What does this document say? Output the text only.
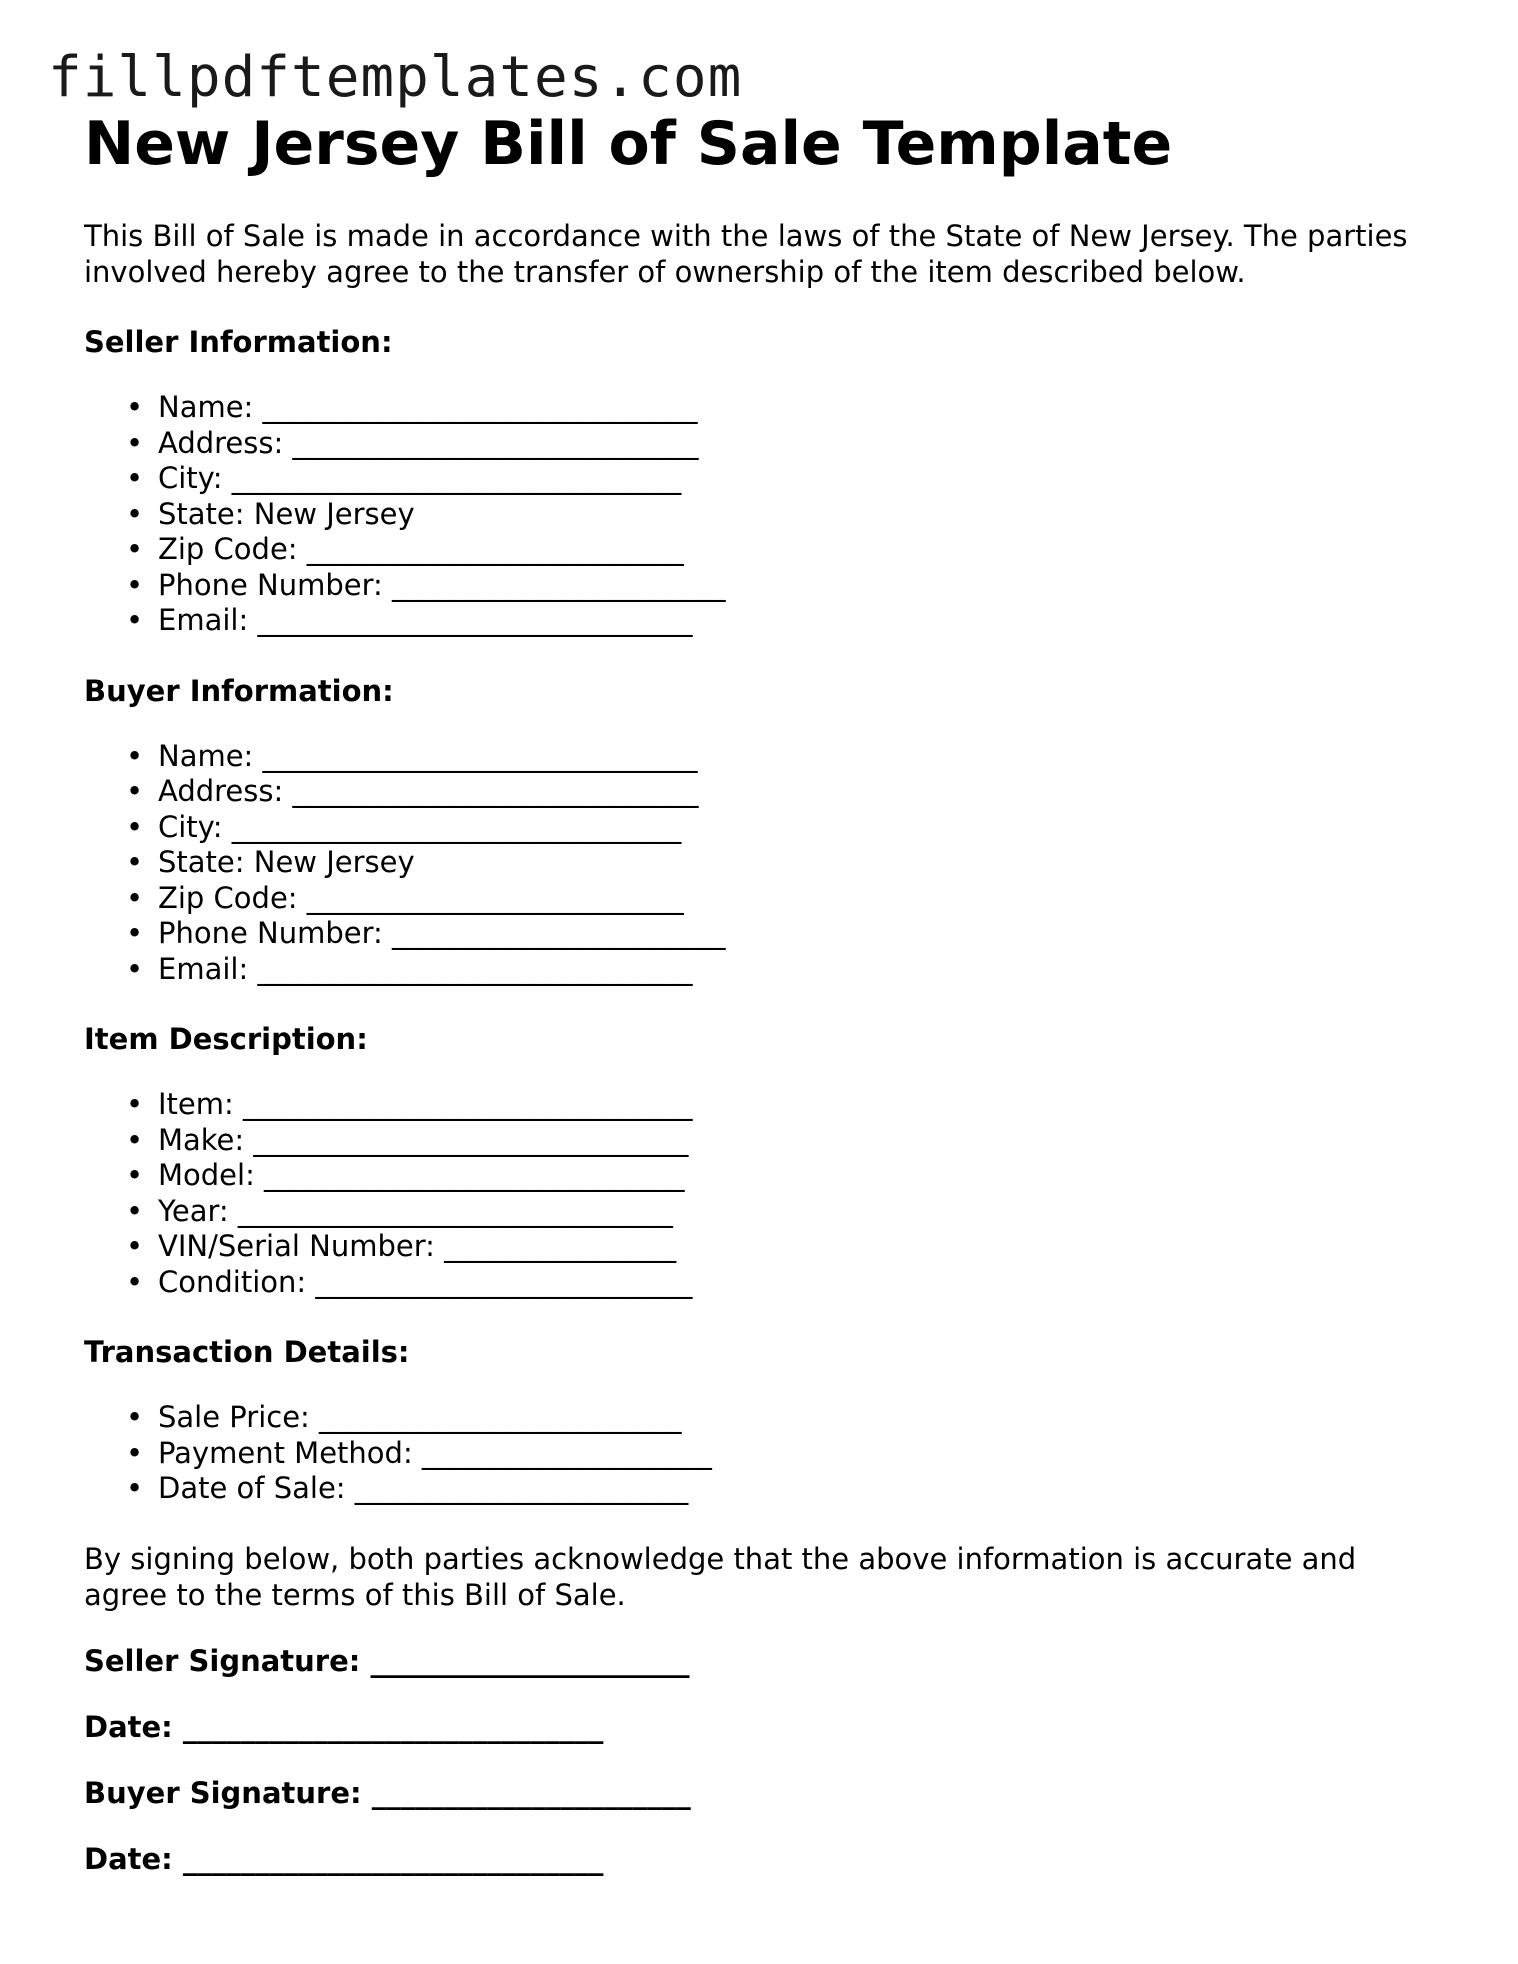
fillpdftemplates.com
New Jersey Bill of Sale Template

This Bill of Sale is made in accordance with the laws of the State of New Jersey. The parties involved hereby agree to the transfer of ownership of the item described below.

Seller Information:
• Name: ______________________________
• Address: ____________________________
• City: _______________________________
• State: New Jersey
• Zip Code: __________________________
• Phone Number: _______________________
• Email: ______________________________
Buyer Information:
• Name: ______________________________
• Address: ____________________________
• City: _______________________________
• State: New Jersey
• Zip Code: __________________________
• Phone Number: _______________________
• Email: ______________________________
Item Description:
• Item: _______________________________
• Make: ______________________________
• Model: _____________________________
• Year: ______________________________
• VIN/Serial Number: ________________
• Condition: __________________________
Transaction Details:
• Sale Price: _________________________
• Payment Method: ____________________
• Date of Sale: _______________________

By signing below, both parties acknowledge that the above information is accurate and agree to the terms of this Bill of Sale.

Seller Signature: ______________________
Date: _____________________________
Buyer Signature: ______________________
Date: _____________________________
